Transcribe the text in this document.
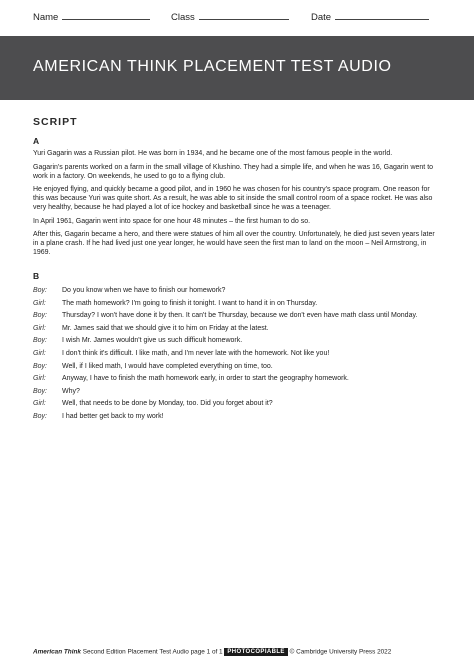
Name	Class	Date
AMERICAN THINK PLACEMENT TEST AUDIO
SCRIPT
A

Yuri Gagarin was a Russian pilot. He was born in 1934, and he became one of the most famous people in the world.

Gagarin's parents worked on a farm in the small village of Klushino. They had a simple life, and when he was 16, Gagarin went to work in a factory. On weekends, he used to go to a flying club.

He enjoyed flying, and quickly became a good pilot, and in 1960 he was chosen for his country's space program. One reason for this was because Yuri was quite short. As a result, he was able to sit inside the small control room of a space rocket. He was also very healthy, because he had played a lot of ice hockey and basketball since he was a teenager.

In April 1961, Gagarin went into space for one hour 48 minutes – the first human to do so.

After this, Gagarin became a hero, and there were statues of him all over the country. Unfortunately, he died just seven years later in a plane crash. If he had lived just one year longer, he would have seen the first man to land on the moon – Neil Armstrong, in 1969.

B
Boy: Do you know when we have to finish our homework?
Girl: The math homework? I'm going to finish it tonight. I want to hand it in on Thursday.
Boy: Thursday? I won't have done it by then. It can't be Thursday, because we don't even have math class until Monday.
Girl: Mr. James said that we should give it to him on Friday at the latest.
Boy: I wish Mr. James wouldn't give us such difficult homework.
Girl: I don't think it's difficult. I like math, and I'm never late with the homework. Not like you!
Boy: Well, if I liked math, I would have completed everything on time, too.
Girl: Anyway, I have to finish the math homework early, in order to start the geography homework.
Boy: Why?
Girl: Well, that needs to be done by Monday, too. Did you forget about it?
Boy: I had better get back to my work!
American Think Second Edition Placement Test Audio page 1 of 1 PHOTOCOPIABLE © Cambridge University Press 2022
